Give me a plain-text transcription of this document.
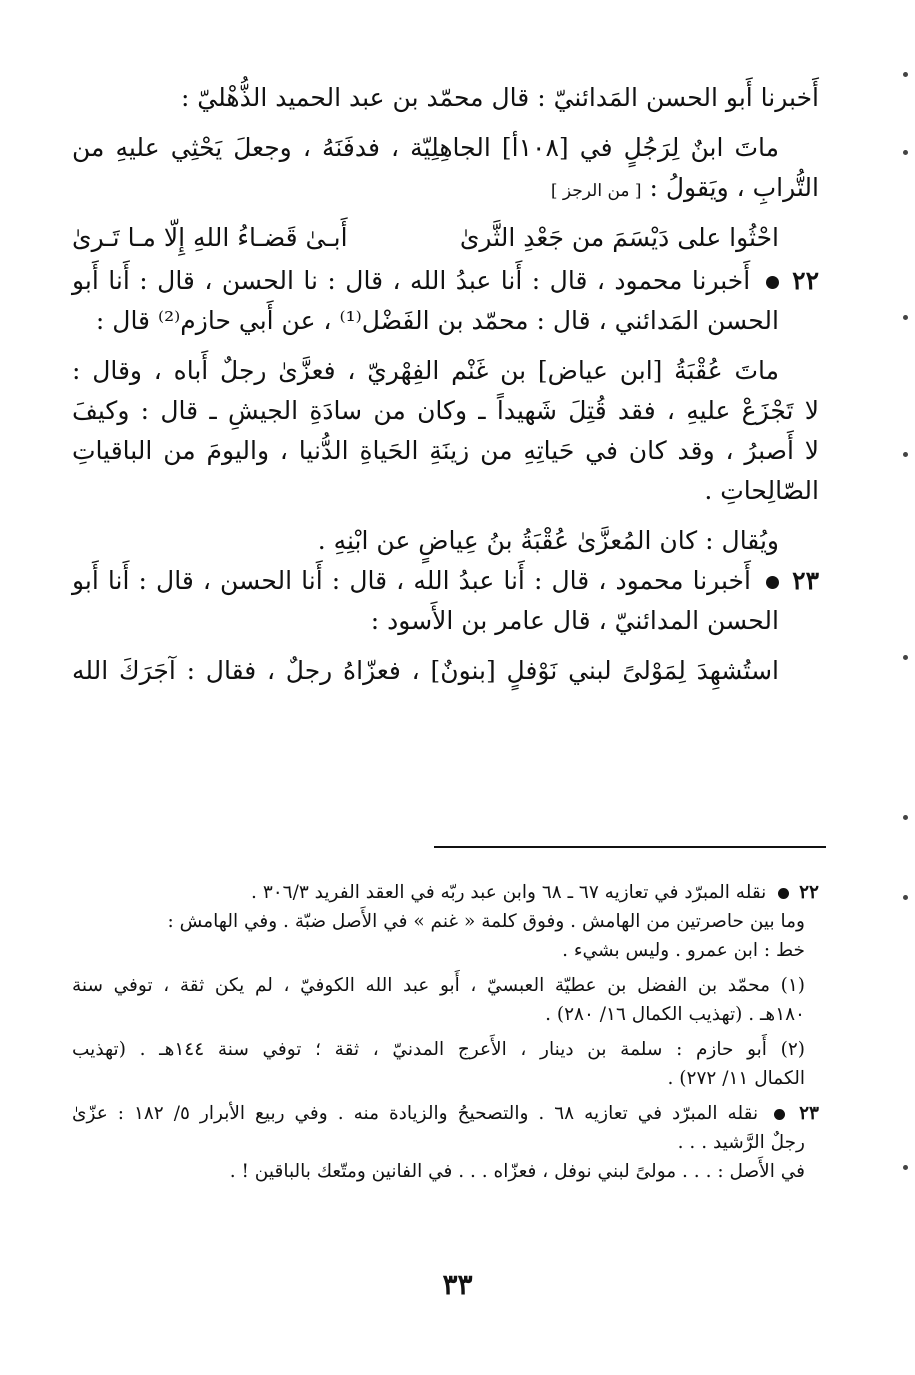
أَخبرنا أَبو الحسن المَدائنيّ : قال محمّد بن عبد الحميد الذُّهْليّ :
ماتَ ابنٌ لِرَجُلٍ في [١٠٨أ] الجاهِلِيّة ، فدفَنَهُ ، وجعلَ يَحْثِي عليهِ من
التُّرابِ ، ويَقولُ : [ من الرجز ]
احْثُوا على دَيْسَمَ من جَعْدِ الثَّرىٰ
أَبـىٰ قَضـاءُ اللهِ إِلّا مـا تَـرىٰ
٢٢  أَخبرنا محمود ، قال : أَنا عبدُ الله ، قال : نا الحسن ، قال : أَنا أَبو
الحسن المَدائني ، قال : محمّد بن الفَضْل⁽¹⁾ ، عن أَبي حازم⁽²⁾ قال :
ماتَ عُقْبَةُ [ابن عياض] بن غَنْم الفِهْريّ ، فعزَّىٰ رجلٌ أَباه ، وقال :
لا تَجْزَعْ عليهِ ، فقد قُتِلَ شَهيداً ـ وكان من سادَةِ الجيشِ ـ قال : وكيفَ
لا أَصبرُ ، وقد كان في حَياتِهِ من زينَةِ الحَياةِ الدُّنيا ، واليومَ من الباقياتِ
الصّالِحاتِ .
ويُقال : كان المُعزَّىٰ عُقْبَةُ بنُ عِياضٍ عن ابْنِهِ .
٢٣  أَخبرنا محمود ، قال : أَنا عبدُ الله ، قال : أَنا الحسن ، قال : أَنا أَبو
الحسن المدائنيّ ، قال عامر بن الأَسود :
استُشهِدَ لِمَوْلىً لبني نَوْفلٍ [بنونٌ] ، فعزّاهُ رجلٌ ، فقال : آجَرَكَ الله
٢٢  نقله المبرّد في تعازيه ٦٧ ـ ٦٨ وابن عبد ربّه في العقد الفريد ٣٠٦/٣ .
وما بين حاصرتين من الهامش . وفوق كلمة « غنم » في الأَصل ضبّة . وفي الهامش :
خط : ابن عمرو . وليس بشيء .
(١) محمّد بن الفضل بن عطيّة العبسيّ ، أَبو عبد الله الكوفيّ ، لم يكن ثقة ، توفي سنة
١٨٠هـ . (تهذيب الكمال ١٦/ ٢٨٠) .
(٢) أَبو حازم : سلمة بن دينار ، الأَعرج المدنيّ ، ثقة ؛ توفي سنة ١٤٤هـ . (تهذيب
الكمال ١١/ ٢٧٢) .
٢٣  نقله المبرّد في تعازيه ٦٨ . والتصحيحُ والزيادة منه . وفي ربيع الأبرار ٥/ ١٨٢ : عزّىٰ
رجلٌ الرَّشيد . . .
في الأَصل : . . . مولىً لبني نوفل ، فعزّاه . . . في الفانين ومتّعك بالباقين ! .
٣٣
